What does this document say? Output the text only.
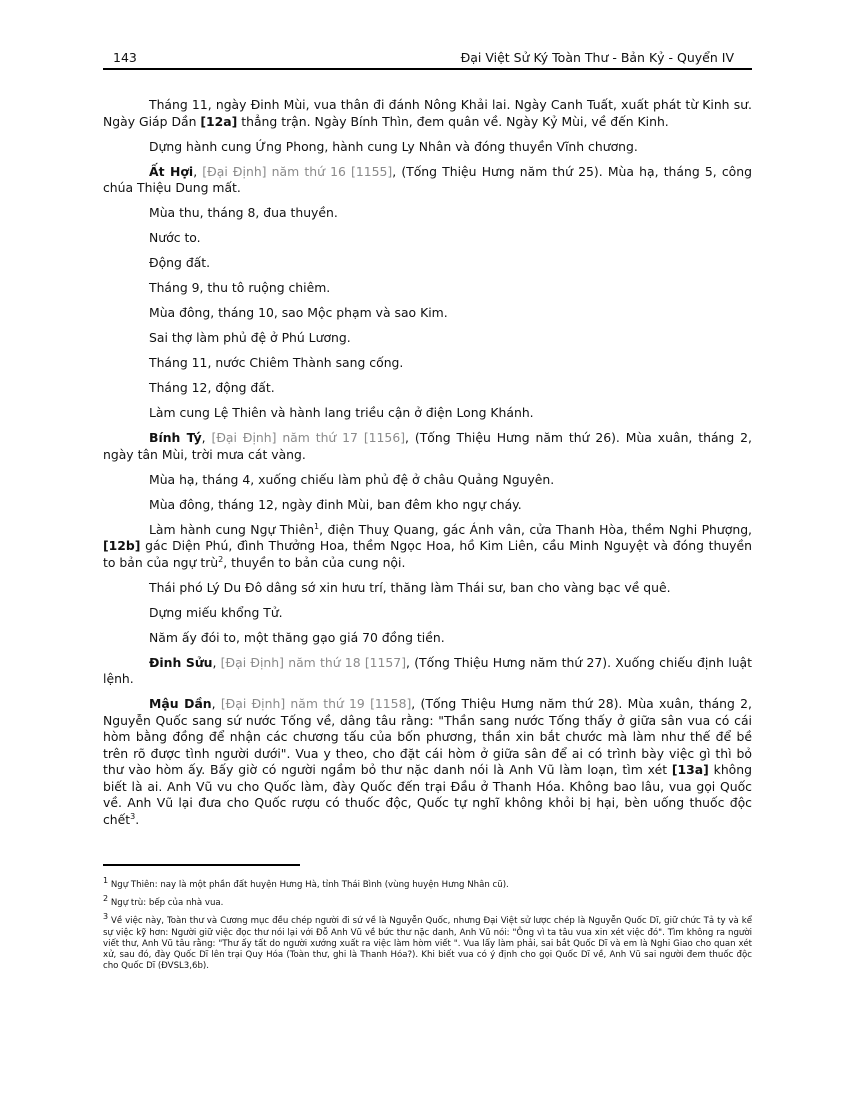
143	Đại Việt Sử Ký Toàn Thư - Bản Kỷ - Quyển IV

Tháng 11, ngày Đinh Mùi, vua thân đi đánh Nông Khải lai. Ngày Canh Tuất, xuất phát từ Kinh sư. Ngày Giáp Dần [12a] thẳng trận. Ngày Bính Thìn, đem quân về. Ngày Kỷ Mùi, về đến Kinh.

Dựng hành cung Ứng Phong, hành cung Ly Nhân và đóng thuyền Vĩnh chương.

Ất Hợi, [Đại Định] năm thứ 16 [1155], (Tống Thiệu Hưng năm thứ 25). Mùa hạ, tháng 5, công chúa Thiệu Dung mất.

Mùa thu, tháng 8, đua thuyền.

Nước to.

Động đất.

Tháng 9, thu tô ruộng chiêm.

Mùa đông, tháng 10, sao Mộc phạm và sao Kim.

Sai thợ làm phủ đệ ở Phú Lương.

Tháng 11, nước Chiêm Thành sang cống.

Tháng 12, động đất.

Làm cung Lệ Thiên và hành lang triều cận ở điện Long Khánh.

Bính Tý, [Đại Định] năm thứ 17 [1156], (Tống Thiệu Hưng năm thứ 26). Mùa xuân, tháng 2, ngày tân Mùi, trời mưa cát vàng.

Mùa hạ, tháng 4, xuống chiếu làm phủ đệ ở châu Quảng Nguyên.

Mùa đông, tháng 12, ngày đinh Mùi, ban đêm kho ngự cháy.

Làm hành cung Ngự Thiên$^1$, điện Thuỵ Quang, gác Ánh vân, cửa Thanh Hòa, thềm Nghi Phượng, [12b] gác Diện Phú, đình Thưởng Hoa, thềm Ngọc Hoa, hồ Kim Liên, cầu Minh Nguyệt và đóng thuyền to bản của ngự trù$^2$, thuyền to bản của cung nội.

Thái phó Lý Du Đô dâng sớ xin hưu trí, thăng làm Thái sư, ban cho vàng bạc về quê.

Dựng miếu khổng Tử.

Năm ấy đói to, một thăng gạo giá 70 đồng tiền.

Đinh Sửu, [Đại Định] năm thứ 18 [1157], (Tống Thiệu Hưng năm thứ 27). Xuống chiếu định luật lệnh.

Mậu Dần, [Đại Định] năm thứ 19 [1158], (Tống Thiệu Hưng năm thứ 28). Mùa xuân, tháng 2, Nguyễn Quốc sang sứ nước Tống về, dâng tâu rằng: "Thần sang nước Tống thấy ở giữa sân vua có cái hòm bằng đồng để nhận các chương tấu của bốn phương, thần xin bắt chước mà làm như thế để bề trên rõ được tình người dưới". Vua y theo, cho đặt cái hòm ở giữa sân để ai có trình bày việc gì thì bỏ thư vào hòm ấy. Bấy giờ có người ngầm bỏ thư nặc danh nói là Anh Vũ làm loạn, tìm xét [13a] không biết là ai. Anh Vũ vu cho Quốc làm, đày Quốc đến trại Đầu ở Thanh Hóa. Không bao lâu, vua gọi Quốc về. Anh Vũ lại đưa cho Quốc rượu có thuốc độc, Quốc tự nghĩ không khỏi bị hại, bèn uống thuốc độc chết$^3$.

$^1$ Ngự Thiên: nay là một phần đất huyện Hưng Hà, tỉnh Thái Bình (vùng huyện Hưng Nhân cũ).

$^2$ Ngự trù: bếp của nhà vua.

$^3$ Về việc này, Toàn thư và Cương mục đều chép người đi sứ về là Nguyễn Quốc, nhưng Đại Việt sử lược chép là Nguyễn Quốc Dĩ, giữ chức Tả ty và kể sự việc kỹ hơn: Người giữ việc đọc thư nói lại với Đỗ Anh Vũ về bức thư nặc danh, Anh Vũ nói: "Ông vì ta tâu vua xin xét việc đó". Tìm không ra người viết thư, Anh Vũ tâu rằng: "Thư ấy tất do người xướng xuất ra việc làm hòm viết ". Vua lấy làm phải, sai bắt Quốc Dĩ và em là Nghi Giao cho quan xét xử, sau đó, đày Quốc Dĩ lên trại Quy Hóa (Toàn thư, ghi là Thanh Hóa?). Khi biết vua có ý định cho gọi Quốc Dĩ về, Anh Vũ sai người đem thuốc độc cho Quốc Dĩ (ĐVSL3,6b).
